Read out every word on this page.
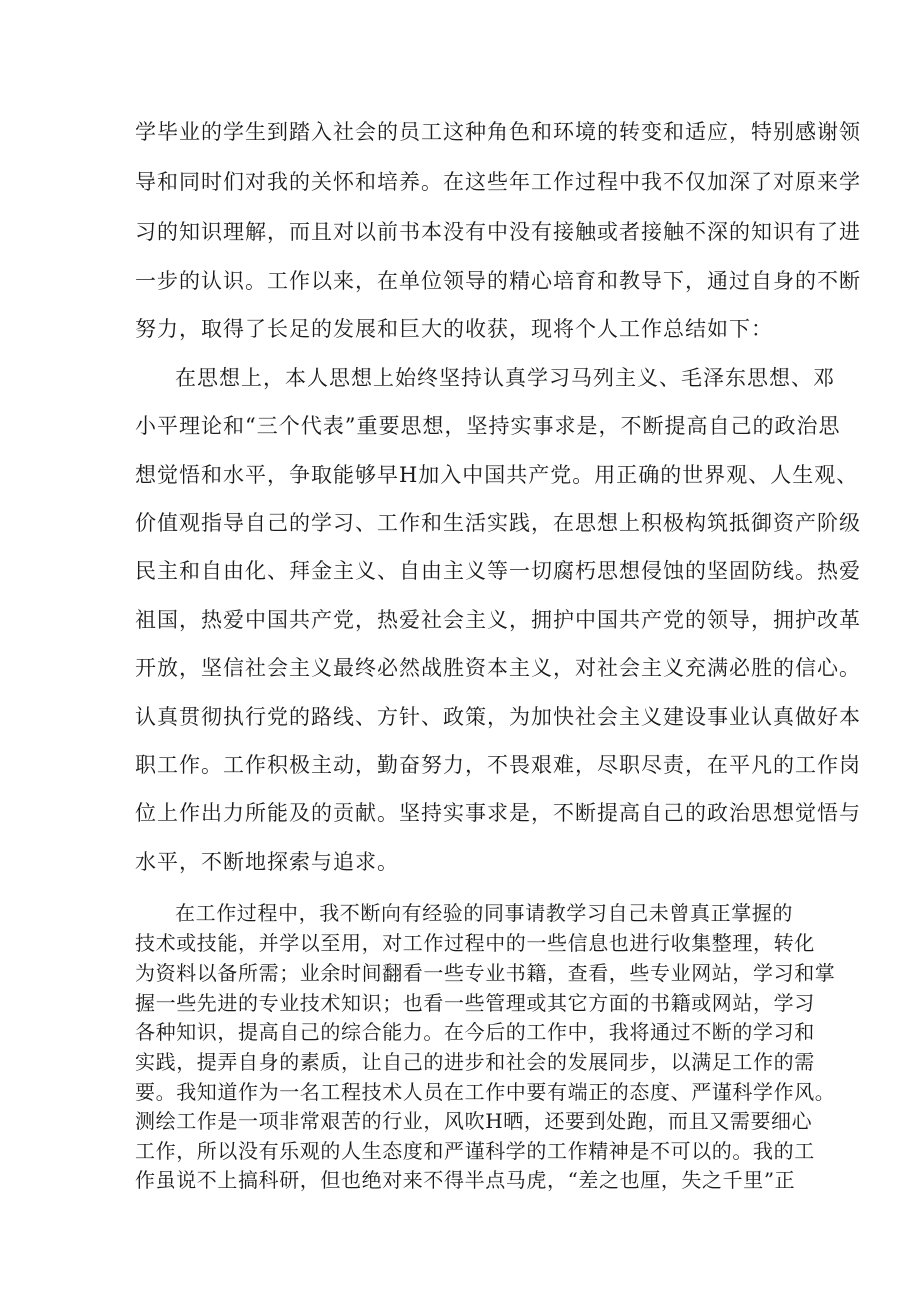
学毕业的学生到踏入社会的员工这种角色和环境的转变和适应，特别感谢领
导和同时们对我的关怀和培养。在这些年工作过程中我不仅加深了对原来学
习的知识理解，而且对以前书本没有中没有接触或者接触不深的知识有了进
一步的认识。工作以来，在单位领导的精心培育和教导下，通过自身的不断
努力，取得了长足的发展和巨大的收获，现将个人工作总结如下：
在思想上，本人思想上始终坚持认真学习马列主义、毛泽东思想、邓
小平理论和“三个代表”重要思想，坚持实事求是，不断提高自己的政治思
想觉悟和水平，争取能够早H加入中国共产党。用正确的世界观、人生观、
价值观指导自己的学习、工作和生活实践，在思想上积极构筑抵御资产阶级
民主和自由化、拜金主义、自由主义等一切腐朽思想侵蚀的坚固防线。热爱
祖国，热爱中国共产党，热爱社会主义，拥护中国共产党的领导，拥护改革
开放，坚信社会主义最终必然战胜资本主义，对社会主义充满必胜的信心。
认真贯彻执行党的路线、方针、政策，为加快社会主义建设事业认真做好本
职工作。工作积极主动，勤奋努力，不畏艰难，尽职尽责，在平凡的工作岗
位上作出力所能及的贡献。坚持实事求是，不断提高自己的政治思想觉悟与
水平，不断地探索与追求。
在工作过程中，我不断向有经验的同事请教学习自己未曾真正掌握的
技术或技能，并学以至用，对工作过程中的一些信息也进行收集整理，转化
为资料以备所需；业余时间翻看一些专业书籍，查看，些专业网站，学习和掌
握一些先进的专业技术知识；也看一些管理或其它方面的书籍或网站，学习
各种知识，提高自己的综合能力。在今后的工作中，我将通过不断的学习和
实践，提弄自身的素质，让自己的进步和社会的发展同步，以满足工作的需
要。我知道作为一名工程技术人员在工作中要有端正的态度、严谨科学作风。
测绘工作是一项非常艰苦的行业，风吹H晒，还要到处跑，而且又需要细心
工作，所以没有乐观的人生态度和严谨科学的工作精神是不可以的。我的工
作虽说不上搞科研，但也绝对来不得半点马虎，“差之也厘，失之千里”正
